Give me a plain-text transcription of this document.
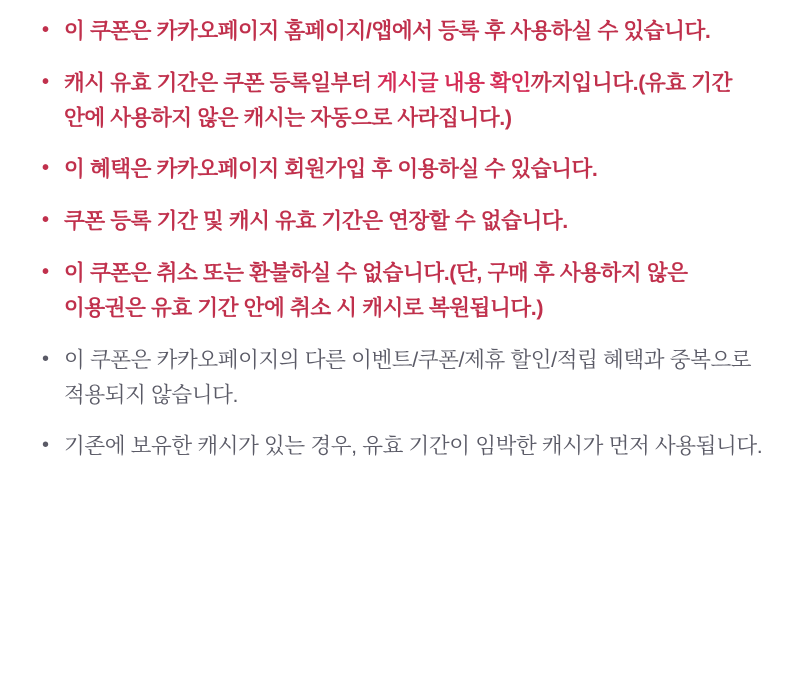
• 이 쿠폰은 카카오페이지 홈페이지/앱에서 등록 후 사용하실 수 있습니다.
• 캐시 유효 기간은 쿠폰 등록일부터 게시글 내용 확인까지입니다.(유효 기간 안에 사용하지 않은 캐시는 자동으로 사라집니다.)
• 이 혜택은 카카오페이지 회원가입 후 이용하실 수 있습니다.
• 쿠폰 등록 기간 및 캐시 유효 기간은 연장할 수 없습니다.
• 이 쿠폰은 취소 또는 환불하실 수 없습니다.(단, 구매 후 사용하지 않은 이용권은 유효 기간 안에 취소 시 캐시로 복원됩니다.)
• 이 쿠폰은 카카오페이지의 다른 이벤트/쿠폰/제휴 할인/적립 혜택과 중복으로 적용되지 않습니다.
• 기존에 보유한 캐시가 있는 경우, 유효 기간이 임박한 캐시가 먼저 사용됩니다.
